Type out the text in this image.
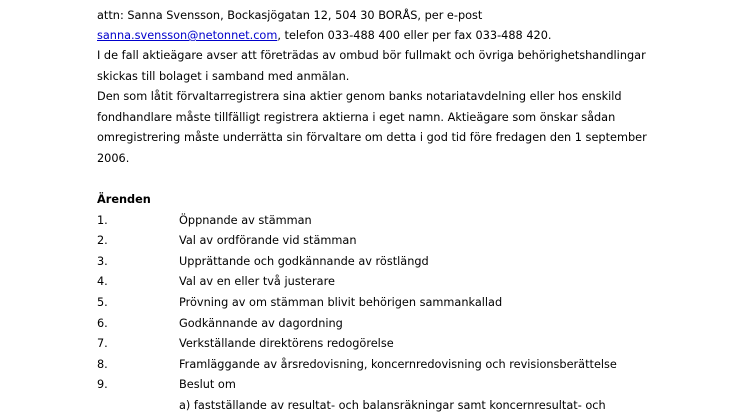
attn: Sanna Svensson, Bockasjögatan 12, 504 30 BORÅS, per e-post
sanna.svensson@netonnet.com, telefon 033-488 400 eller per fax 033-488 420.
I de fall aktieägare avser att företrädas av ombud bör fullmakt och övriga behörighetshandlingar
skickas till bolaget i samband med anmälan.
Den som låtit förvaltarregistrera sina aktier genom banks notariatavdelning eller hos enskild
fondhandlare måste tillfälligt registrera aktierna i eget namn. Aktieägare som önskar sådan
omregistrering måste underrätta sin förvaltare om detta i god tid före fredagen den 1 september
2006.
Ärenden
1.	Öppnande av stämman
2.	Val av ordförande vid stämman
3.	Upprättande och godkännande av röstlängd
4.	Val av en eller två justerare
5.	Prövning av om stämman blivit behörigen sammankallad
6.	Godkännande av dagordning
7.	Verkställande direktörens redogörelse
8.	Framläggande av årsredovisning, koncernredovisning och revisionsberättelse
9.	Beslut om
a) fastställande av resultat- och balansräkningar samt koncernresultat- och
